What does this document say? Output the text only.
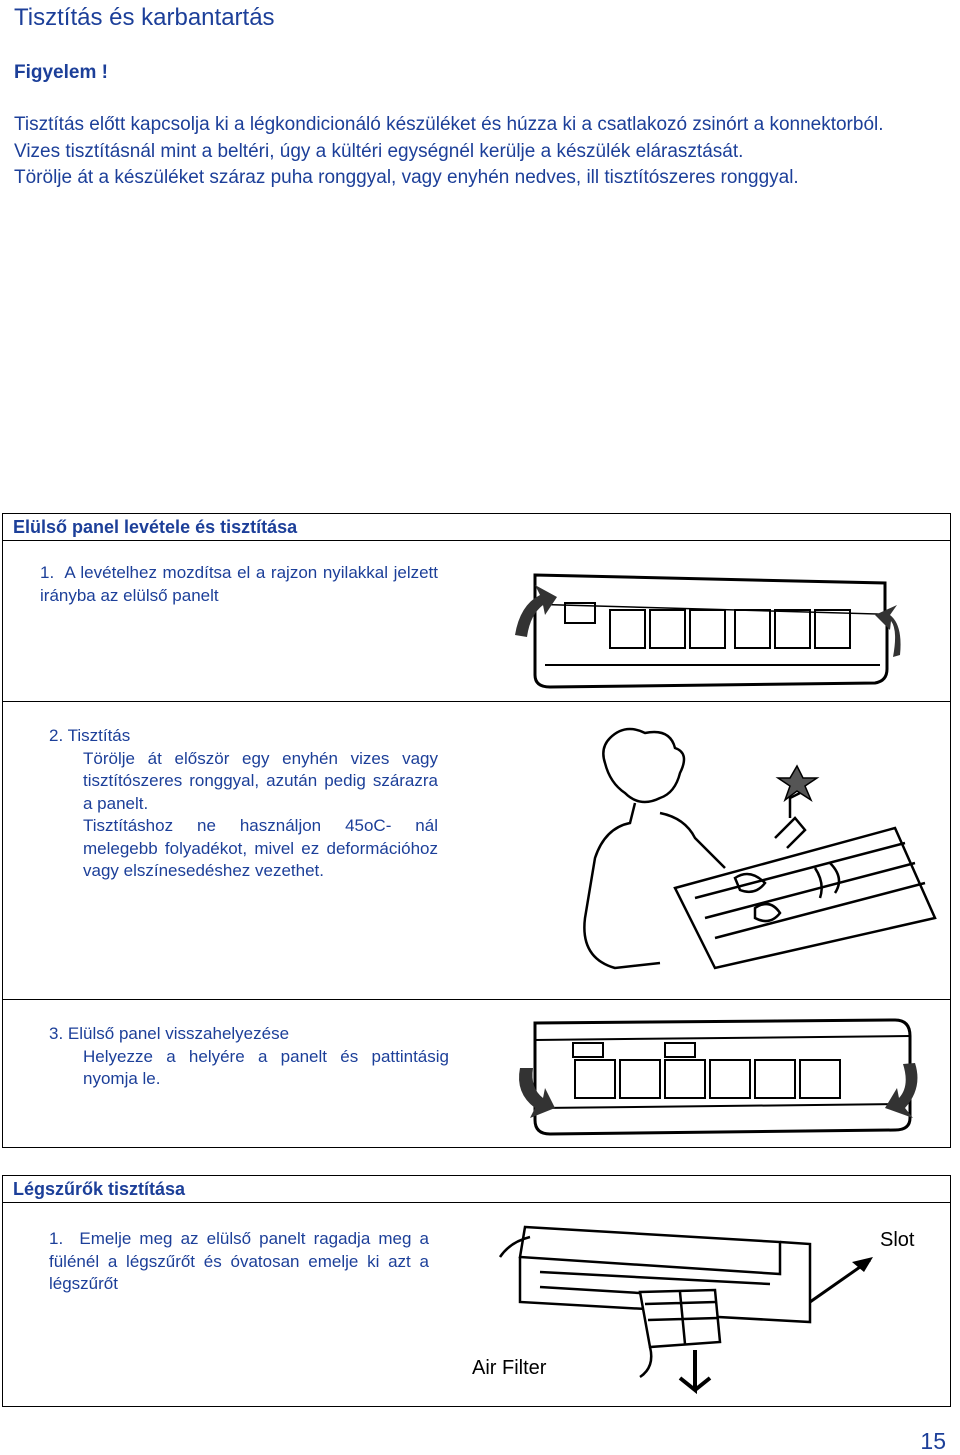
Tisztítás és karbantartás
Figyelem !

Tisztítás előtt kapcsolja ki a légkondicionáló készüléket és húzza ki a csatlakozó zsinórt a konnektorból.

Vizes tisztításnál mint a beltéri, úgy a kültéri egységnél kerülje a készülék elárasztását.

Törölje át a készüléket száraz puha ronggyal, vagy enyhén nedves, ill tisztítószeres ronggyal.

Elülső panel levétele és tisztítása
1. A levételhez mozdítsa el a rajzon nyilakkal jelzett irányba az elülső panelt
2. Tisztítás
Törölje át először egy enyhén vizes vagy tisztítószeres ronggyal, azután pedig szárazra a panelt.
Tisztításhoz ne használjon 45oC- nál melegebb folyadékot, mivel ez deformációhoz vagy elszínesedéshez vezethet.
3. Elülső panel visszahelyezése
Helyezze a helyére a panelt és pattintásig nyomja le.
Légszűrők tisztítása
1. Emelje meg az elülső panelt ragadja meg a fülénél a légszűrőt és óvatosan emelje ki azt a légszűrőt
Slot
Air Filter
15
